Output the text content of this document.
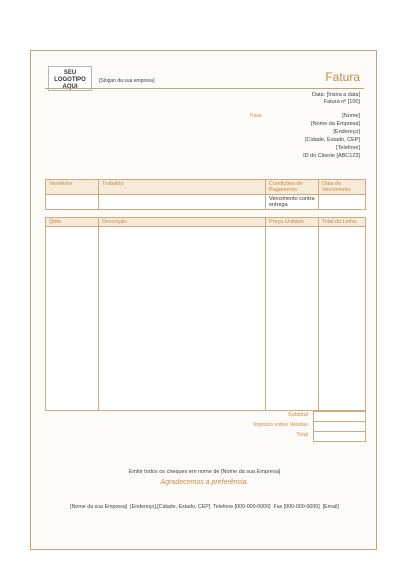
SEU LOGOTIPO AQUI
[Slogan da sua empresa]	Fatura
Data: [Insira a data]
Fatura nº [100]
Para	[Nome]
[Nome da Empresa]
[Endereço]
[Cidade, Estado, CEP]
[Telefone]
ID do Cliente [ABC123]
Vendedor	Trabalho	Condições de Pagamento	Data de Vencimento
		Vencimento contra entrega	
Qtde.	Descrição	Preço Unitário	Total da Linha

Subtotal
Imposto sobre Vendas
Total
Emitir todos os cheques em nome de [Nome da sua Empresa]
Agradecemos a preferência.
[Nome da sua Empresa]  [Endereço],[Cidade, Estado, CEP]  Telefone [000-000-0000]  Fax [000-000-0000]  [Email]
